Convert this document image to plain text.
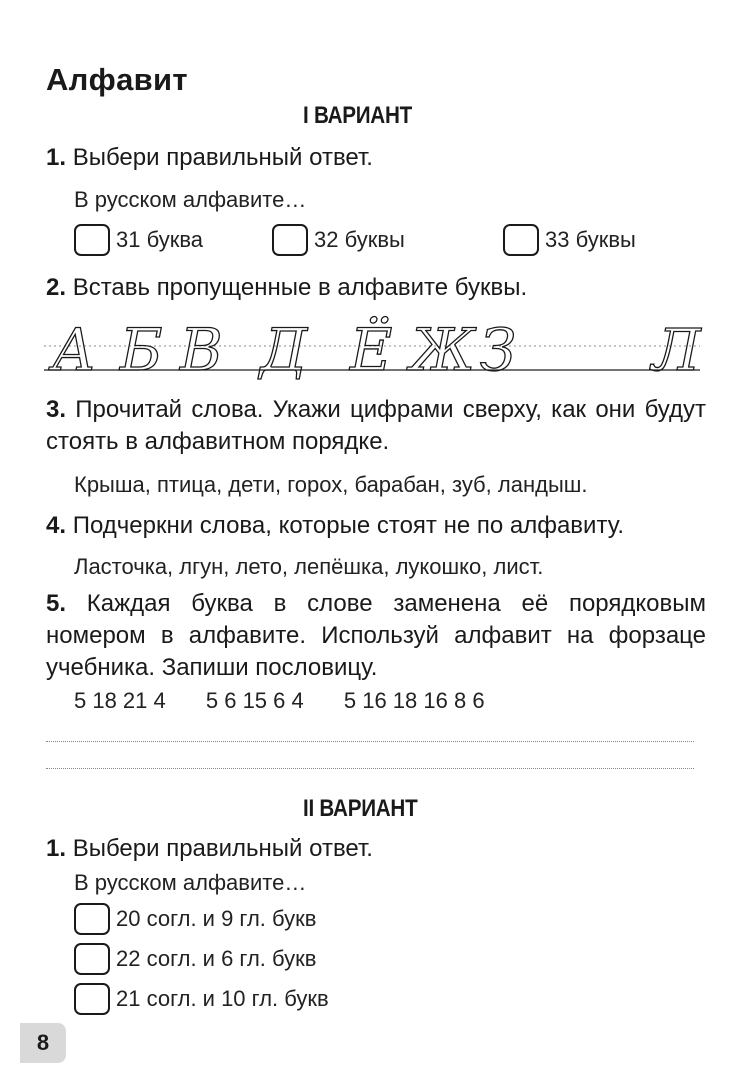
Алфавит
I ВАРИАНТ
1. Выбери правильный ответ.
В русском алфавите…
31 буква	32 буквы	33 буквы
2. Вставь пропущенные в алфавите буквы.
А Б В Д Ё Ж З Л
3. Прочитай слова. Укажи цифрами сверху, как они будут стоять в алфавитном порядке.
Крыша, птица, дети, горох, барабан, зуб, ландыш.
4. Подчеркни слова, которые стоят не по алфавиту.
Ласточка, лгун, лето, лепёшка, лукошко, лист.
5. Каждая буква в слове заменена её порядковым номером в алфавите. Используй алфавит на форзаце учебника. Запиши пословицу.
5 18 21 4 5 6 15 6 4 5 16 18 16 8 6
II ВАРИАНТ
1. Выбери правильный ответ.
В русском алфавите…
20 согл. и 9 гл. букв
22 согл. и 6 гл. букв
21 согл. и 10 гл. букв
8
